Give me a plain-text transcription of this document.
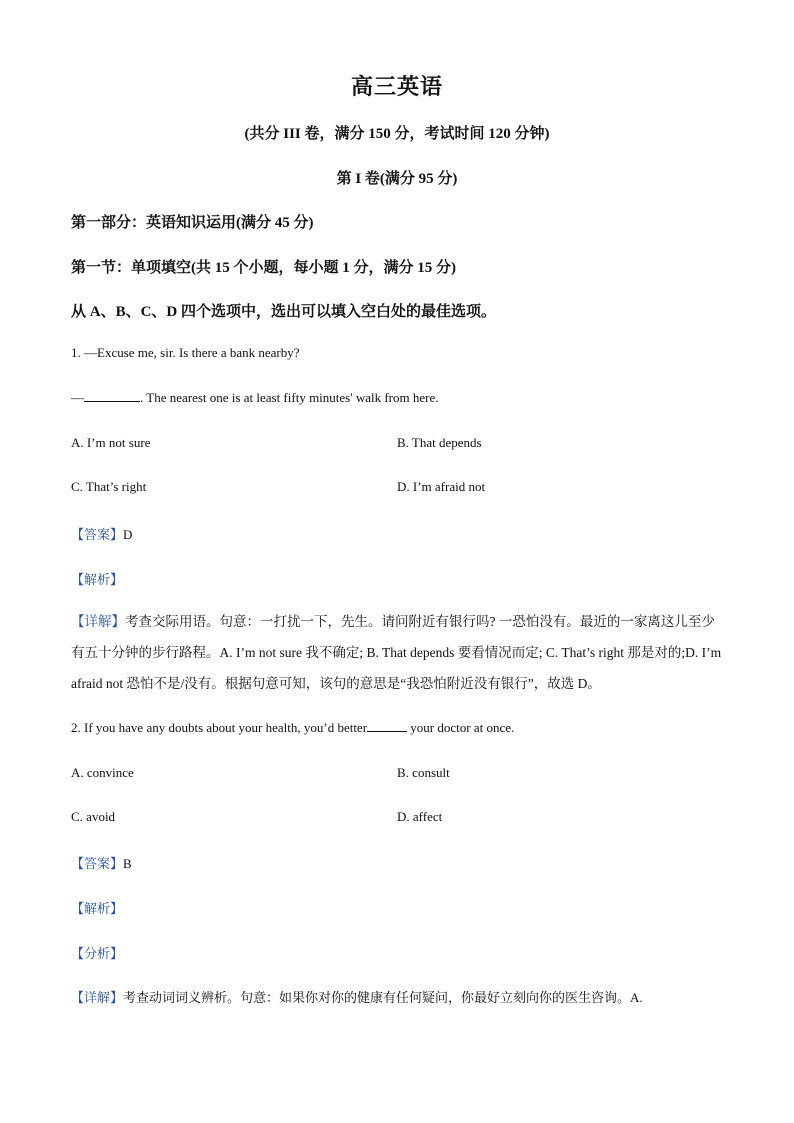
高三英语
(共分 III 卷，满分 150 分，考试时间 120 分钟)
第 I 卷(满分 95 分)
第一部分：英语知识运用(满分 45 分)
第一节：单项填空(共 15 个小题，每小题 1 分，满分 15 分)
从 A、B、C、D 四个选项中，选出可以填入空白处的最佳选项。
1. —Excuse me, sir. Is there a bank nearby?
—	. The nearest one is at least fifty minutes' walk from here.
A. I’m not sure	B. That depends
C. That’s right	D. I’m afraid not
【答案】D
【解析】
【详解】考查交际用语。句意：一打扰一下，先生。请问附近有银行吗? 一恐怕没有。最近的一家离这儿至少有五十分钟的步行路程。A. I’m not sure 我不确定; B. That depends 要看情况而定; C. That’s right 那是对的;D. I’m afraid not 恐怕不是/没有。根据句意可知，该句的意思是“我恐怕附近没有银行”，故选 D。
2. If you have any doubts about your health, you’d better	your doctor at once.
A. convince	B. consult
C. avoid	D. affect
【答案】B
【解析】
【分析】
【详解】考查动词词义辨析。句意：如果你对你的健康有任何疑问，你最好立刻向你的医生咨询。A.
